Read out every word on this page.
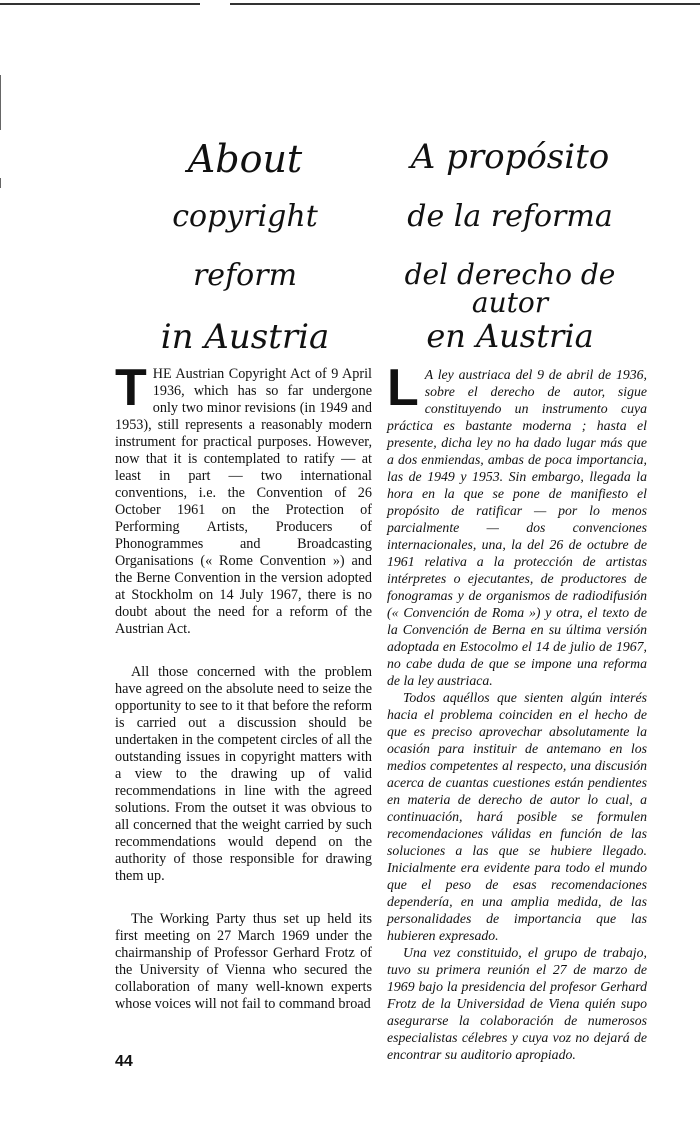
About
copyright
reform
in Austria
A propósito
de la reforma
del derecho de autor
en Austria

T HE Austrian Copyright Act of 9 April 1936, which has so far undergone only two minor revisions (in 1949 and 1953), still represents a reasonably modern instrument for practical purposes. However, now that it is contemplated to ratify — at least in part — two international conventions, i.e. the Convention of 26 October 1961 on the Protection of Performing Artists, Producers of Phonogrammes and Broadcasting Organisations (« Rome Convention ») and the Berne Convention in the version adopted at Stockholm on 14 July 1967, there is no doubt about the need for a reform of the Austrian Act.

All those concerned with the problem have agreed on the absolute need to seize the opportunity to see to it that before the reform is carried out a discussion should be undertaken in the competent circles of all the outstanding issues in copyright matters with a view to the drawing up of valid recommendations in line with the agreed solutions. From the outset it was obvious to all concerned that the weight carried by such recommendations would depend on the authority of those responsible for drawing them up.

The Working Party thus set up held its first meeting on 27 March 1969 under the chairmanship of Professor Gerhard Frotz of the University of Vienna who secured the collaboration of many well-known experts whose voices will not fail to command broad

L A ley austriaca del 9 de abril de 1936, sobre el derecho de autor, sigue constituyendo un instrumento cuya práctica es bastante moderna ; hasta el presente, dicha ley no ha dado lugar más que a dos enmiendas, ambas de poca importancia, las de 1949 y 1953. Sin embargo, llegada la hora en la que se pone de manifiesto el propósito de ratificar — por lo menos parcialmente — dos convenciones internacionales, una, la del 26 de octubre de 1961 relativa a la protección de artistas intérpretes o ejecutantes, de productores de fonogramas y de organismos de radiodifusión (« Convención de Roma ») y otra, el texto de la Convención de Berna en su última versión adoptada en Estocolmo el 14 de julio de 1967, no cabe duda de que se impone una reforma de la ley austriaca.

Todos aquéllos que sienten algún interés hacia el problema coinciden en el hecho de que es preciso aprovechar absolutamente la ocasión para instituir de antemano en los medios competentes al respecto, una discusión acerca de cuantas cuestiones están pendientes en materia de derecho de autor lo cual, a continuación, hará posible se formulen recomendaciones válidas en función de las soluciones a las que se hubiere llegado. Inicialmente era evidente para todo el mundo que el peso de esas recomendaciones dependería, en una amplia medida, de las personalidades de importancia que las hubieren expresado.

Una vez constituido, el grupo de trabajo, tuvo su primera reunión el 27 de marzo de 1969 bajo la presidencia del profesor Gerhard Frotz de la Universidad de Viena quién supo asegurarse la colaboración de numerosos especialistas célebres y cuya voz no dejará de encontrar su auditorio apropiado.

44
